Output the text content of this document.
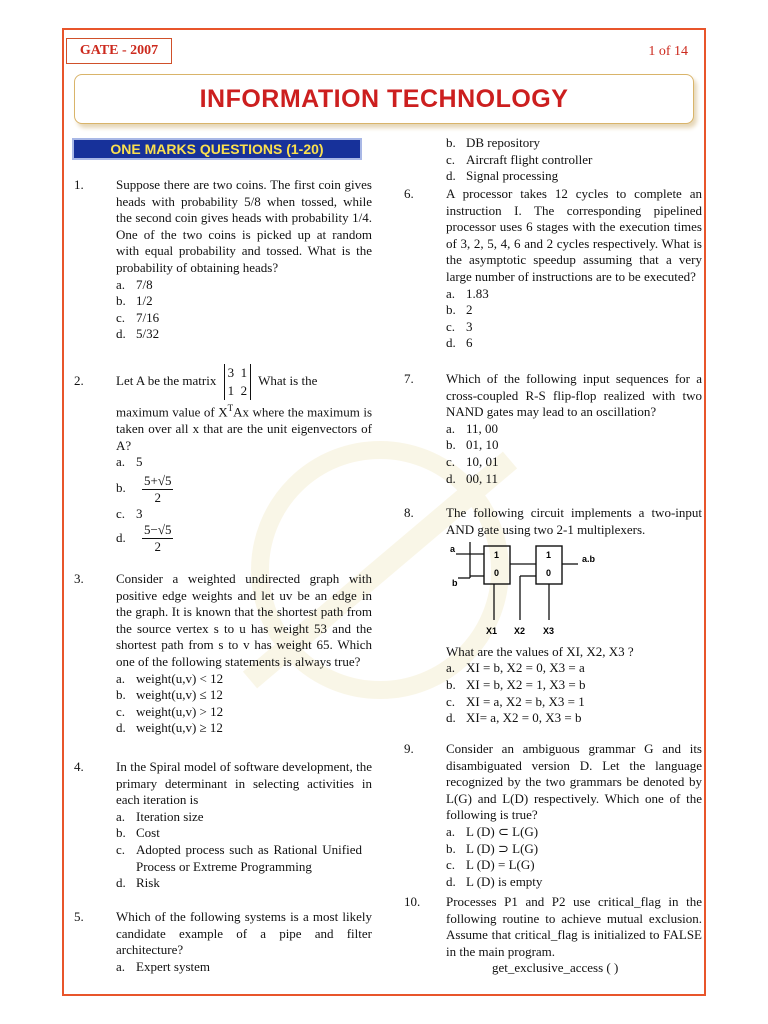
GATE - 2007	1 of 14
INFORMATION TECHNOLOGY
ONE MARKS QUESTIONS (1-20)
1.	Suppose there are two coins. The first coin gives heads with probability 5/8 when tossed, while the second coin gives heads with probability 1/4. One of the two coins is picked up at random with equal probability and tossed. What is the probability of obtaining heads?
a. 7/8
b. 1/2
c. 7/16
d. 5/32
2.	Let A be the matrix 3  1
1  2 What is the
maximum value of $X^TAx$ where the maximum is taken over all x that are the unit eigenvectors of A?
a. 5
b. $\frac{5+√5}{2}$
c. 3
d. $\frac{5-√5}{2}$
3.	Consider a weighted undirected graph with positive edge weights and let uv be an edge in the graph. It is known that the shortest path from the source vertex s to u has weight 53 and the shortest path from s to v has weight 65. Which one of the following statements is always true?
a. weight(u,v) < 12
b. weight(u,v) ≤ 12
c. weight(u,v) > 12
d. weight(u,v) ≥ 12
4.	In the Spiral model of software development, the primary determinant in selecting activities in each iteration is
a. Iteration size
b. Cost
c. Adopted process such as Rational Unified Process or Extreme Programming
d. Risk
5.	Which of the following systems is a most likely candidate example of a pipe and filter architecture?
a. Expert system
b. DB repository
c. Aircraft flight controller
d. Signal processing
6.	A processor takes 12 cycles to complete an instruction I. The corresponding pipelined processor uses 6 stages with the execution times of 3, 2, 5, 4, 6 and 2 cycles respectively. What is the asymptotic speedup assuming that a very large number of instructions are to be executed?
a. 1.83
b. 2
c. 3
d. 6
7.	Which of the following input sequences for a cross-coupled R-S flip-flop realized with two NAND gates may lead to an oscillation?
a. 11, 00
b. 01, 10
c. 10, 01
d. 00, 11
8.	The following circuit implements a two-input AND gate using two 2-1 multiplexers.
a
b
a.b
1
0
1
0
X1 X2 X3
What are the values of XI, X2, X3 ?
a. XI = b, X2 = 0, X3 = a
b. XI = b, X2 = 1, X3 = b
c. XI = a, X2 = b, X3 = 1
d. XI= a, X2 = 0, X3 = b
9.	Consider an ambiguous grammar G and its disambiguated version D. Let the language recognized by the two grammars be denoted by L(G) and L(D) respectively. Which one of the following is true?
a. L (D) ⊂ L(G)
b. L (D) ⊃ L(G)
c. L (D) = L(G)
d. L (D) is empty
10.	Processes P1 and P2 use critical_flag in the following routine to achieve mutual exclusion. Assume that critical_flag is initialized to FALSE in the main program.
get_exclusive_access ( )
